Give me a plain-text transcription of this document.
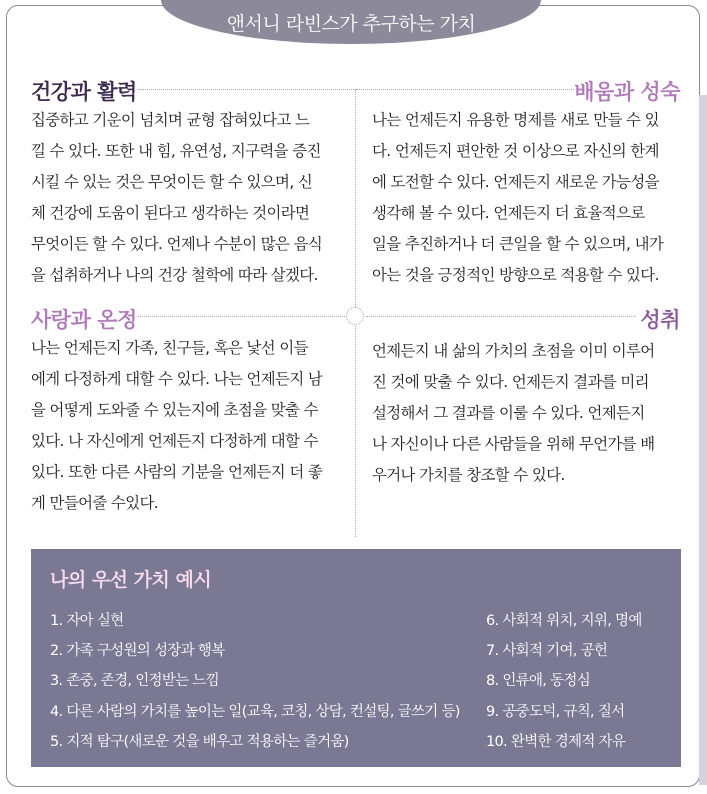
앤서니 라빈스가 추구하는 가치
건강과 활력
집중하고 기운이 넘치며 균형 잡혀있다고 느
낄 수 있다. 또한 내 힘, 유연성, 지구력을 증진
시킬 수 있는 것은 무엇이든 할 수 있으며, 신
체 건강에 도움이 된다고 생각하는 것이라면
무엇이든 할 수 있다. 언제나 수분이 많은 음식
을 섭취하거나 나의 건강 철학에 따라 살겠다.
배움과 성숙
나는 언제든지 유용한 명제를 새로 만들 수 있
다. 언제든지 편안한 것 이상으로 자신의 한계
에 도전할 수 있다. 언제든지 새로운 가능성을
생각해 볼 수 있다. 언제든지 더 효율적으로
일을 추진하거나 더 큰일을 할 수 있으며, 내가
아는 것을 긍정적인 방향으로 적용할 수 있다.
사랑과 온정
나는 언제든지 가족, 친구들, 혹은 낯선 이들
에게 다정하게 대할 수 있다. 나는 언제든지 남
을 어떻게 도와줄 수 있는지에 초점을 맞출 수
있다. 나 자신에게 언제든지 다정하게 대할 수
있다. 또한 다른 사람의 기분을 언제든지 더 좋
게 만들어줄 수있다.
성취
언제든지 내 삶의 가치의 초점을 이미 이루어
진 것에 맞출 수 있다. 언제든지 결과를 미리
설정해서 그 결과를 이룰 수 있다. 언제든지
나 자신이나 다른 사람들을 위해 무언가를 배
우거나 가치를 창조할 수 있다.
나의 우선 가치 예시
1. 자아 실현
2. 가족 구성원의 성장과 행복
3. 존중, 존경, 인정받는 느낌
4. 다른 사람의 가치를 높이는 일(교육, 코칭, 상담, 컨설팅, 글쓰기 등)
5. 지적 탐구(새로운 것을 배우고 적용하는 즐거움)
6. 사회적 위치, 지위, 명예
7. 사회적 기여, 공헌
8. 인류애, 동정심
9. 공중도덕, 규칙, 질서
10. 완벽한 경제적 자유
